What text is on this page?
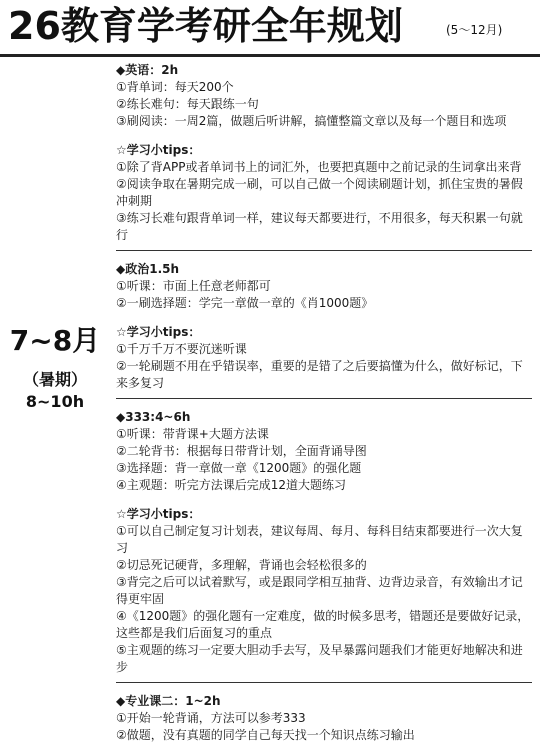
26教育学考研全年规划	(5～12月)
7~8月
（暑期）
8~10h
◆英语：2h
①背单词：每天200个
②练长难句：每天跟练一句
③刷阅读：一周2篇，做题后听讲解，搞懂整篇文章以及每一个题目和选项
☆学习小tips：
①除了背APP或者单词书上的词汇外，也要把真题中之前记录的生词拿出来背
②阅读争取在暑期完成一刷，可以自己做一个阅读刷题计划，抓住宝贵的暑假冲刺期
③练习长难句跟背单词一样，建议每天都要进行，不用很多，每天积累一句就行
◆政治1.5h
①听课：市面上任意老师都可
②一刷选择题：学完一章做一章的《肖1000题》
☆学习小tips：
①千万千万不要沉迷听课
②一轮刷题不用在乎错误率，重要的是错了之后要搞懂为什么，做好标记，下来多复习
◆333:4~6h
①听课：带背课+大题方法课
②二轮背书：根据每日带背计划，全面背诵导图
③选择题：背一章做一章《1200题》的强化题
④主观题：听完方法课后完成12道大题练习
☆学习小tips：
①可以自己制定复习计划表，建议每周、每月、每科目结束都要进行一次大复习
②切忌死记硬背，多理解，背诵也会轻松很多的
③背完之后可以试着默写，或是跟同学相互抽背、边背边录音，有效输出才记得更牢固
④《1200题》的强化题有一定难度，做的时候多思考，错题还是要做好记录，这些都是我们后面复习的重点
⑤主观题的练习一定要大胆动手去写，及早暴露问题我们才能更好地解决和进步
◆专业课二：1~2h
①开始一轮背诵，方法可以参考333
②做题，没有真题的同学自己每天找一个知识点练习输出
